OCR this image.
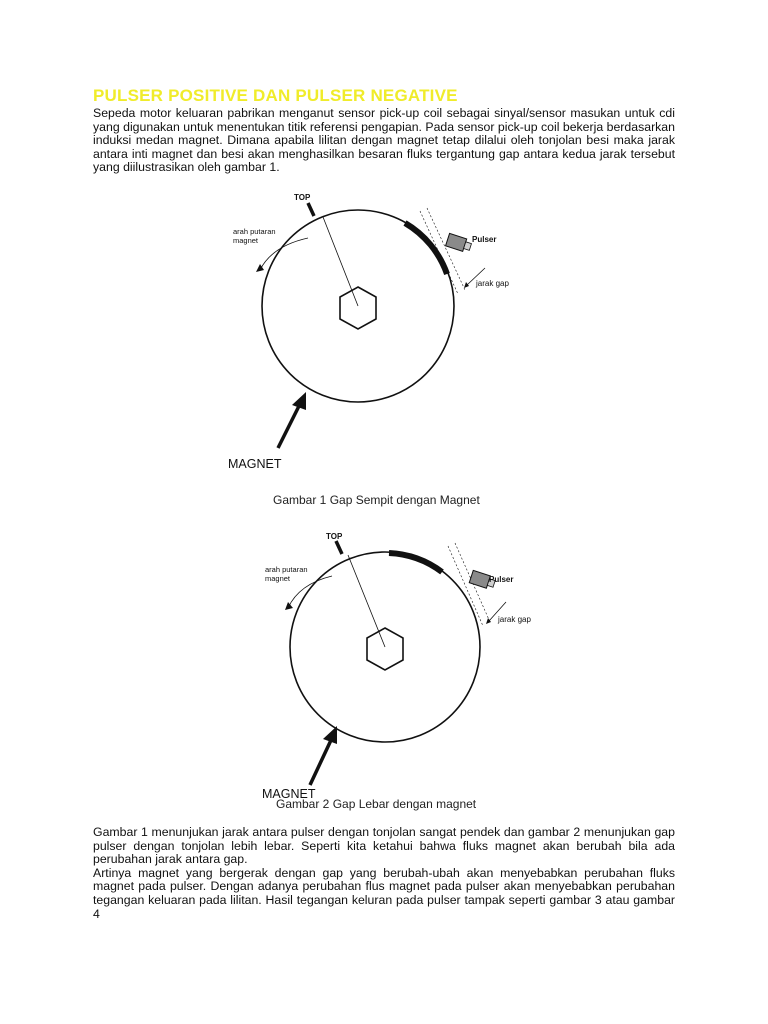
PULSER POSITIVE DAN PULSER NEGATIVE

Sepeda motor keluaran pabrikan menganut sensor pick-up coil sebagai sinyal/sensor masukan untuk cdi yang digunakan untuk menentukan titik referensi pengapian. Pada sensor pick-up coil bekerja berdasarkan induksi medan magnet. Dimana apabila lilitan dengan magnet tetap dilalui oleh tonjolan besi maka jarak antara inti magnet dan besi akan menghasilkan besaran fluks tergantung gap antara kedua jarak tersebut yang diilustrasikan oleh gambar 1.

TOP
arah putaran
magnet	Pulser
jarak gap
MAGNET
Gambar 1 Gap Sempit dengan Magnet
TOP
arah putaran
magnet	Pulser
jarak gap
MAGNET
Gambar 2 Gap Lebar dengan magnet

Gambar 1 menunjukan jarak antara pulser dengan tonjolan sangat pendek dan gambar 2 menunjukan gap pulser dengan tonjolan lebih lebar. Seperti kita ketahui bahwa fluks magnet akan berubah bila ada perubahan jarak antara gap.

Artinya magnet yang bergerak dengan gap yang berubah-ubah akan menyebabkan perubahan fluks magnet pada pulser. Dengan adanya perubahan flus magnet pada pulser akan menyebabkan perubahan tegangan keluaran pada lilitan. Hasil tegangan keluran pada pulser tampak seperti gambar 3 atau gambar 4
